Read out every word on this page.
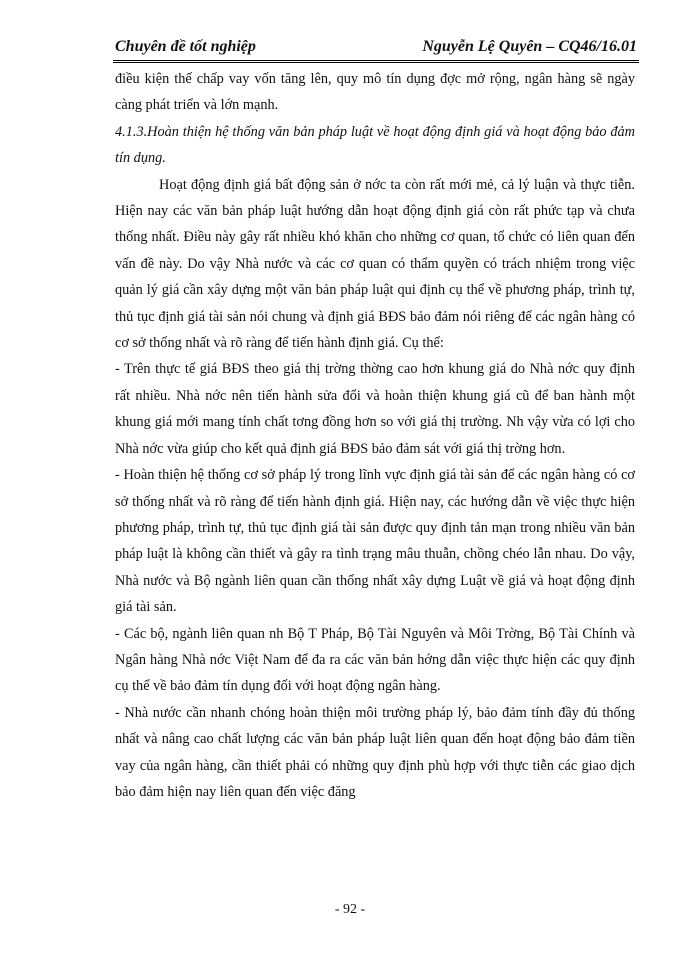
Chuyên đề tốt nghiệp	Nguyễn Lệ Quyên – CQ46/16.01

điều kiện thế chấp vay vốn tăng lên, quy mô tín dụng đợc mở rộng, ngân hàng sẽ ngày càng phát triển và lớn mạnh.

4.1.3.Hoàn thiện hệ thống văn bản pháp luật về hoạt động định giá và hoạt động bảo đảm tín dụng.

Hoạt động định giá bất động sản ở nớc ta còn rất mới mẻ, cả lý luận và thực tiễn. Hiện nay các văn bản pháp luật hướng dẫn hoạt động định giá còn rất phức tạp và chưa thống nhất. Điều này gây rất nhiều khó khăn cho những cơ quan, tổ chức có liên quan đến vấn đề này. Do vậy Nhà nước và các cơ quan có thẩm quyền có trách nhiệm trong việc quản lý giá cần xây dựng một văn bản pháp luật qui định cụ thể về phương pháp, trình tự, thủ tục định giá tài sản nói chung và định giá BĐS bảo đảm nói riêng để các ngân hàng có cơ sở thống nhất và rõ ràng để tiến hành định giá. Cụ thể:

- Trên thực tế giá BĐS theo giá thị trờng thờng cao hơn khung giá do Nhà nớc quy định rất nhiều. Nhà nớc nên tiến hành sửa đổi và hoàn thiện khung giá cũ để ban hành một khung giá mới mang tính chất tơng đồng hơn so với giá thị trường. Nh vậy vừa có lợi cho Nhà nớc vừa giúp cho kết quả định giá BĐS bảo đảm sát với giá thị trờng hơn.

- Hoàn thiện hệ thống cơ sở pháp lý trong lĩnh vực định giá tài sản để các ngân hàng có cơ sở thống nhất và rõ ràng để tiến hành định giá. Hiện nay, các hướng dẫn về việc thực hiện phương pháp, trình tự, thủ tục định giá tài sản được quy định tản mạn trong nhiều văn bản pháp luật là không cần thiết và gây ra tình trạng mâu thuẫn, chồng chéo lẫn nhau. Do vậy, Nhà nước và Bộ ngành liên quan cần thống nhất xây dựng Luật về giá và hoạt động định giá tài sản.

- Các bộ, ngành liên quan nh Bộ T Pháp, Bộ Tài Nguyên và Môi Trờng, Bộ Tài Chính và Ngân hàng Nhà nớc Việt Nam để đa ra các văn bản hớng dẫn việc thực hiện các quy định cụ thể về bảo đảm tín dụng đối với hoạt động ngân hàng.

- Nhà nước cần nhanh chóng hoàn thiện môi trường pháp lý, bảo đảm tính đầy đủ thống nhất và nâng cao chất lượng các văn bản pháp luật liên quan đến hoạt động bảo đảm tiền vay của ngân hàng, cần thiết phải có những quy định phù hợp với thực tiễn các giao dịch bảo đảm hiện nay liên quan đến việc đăng

- 92 -
